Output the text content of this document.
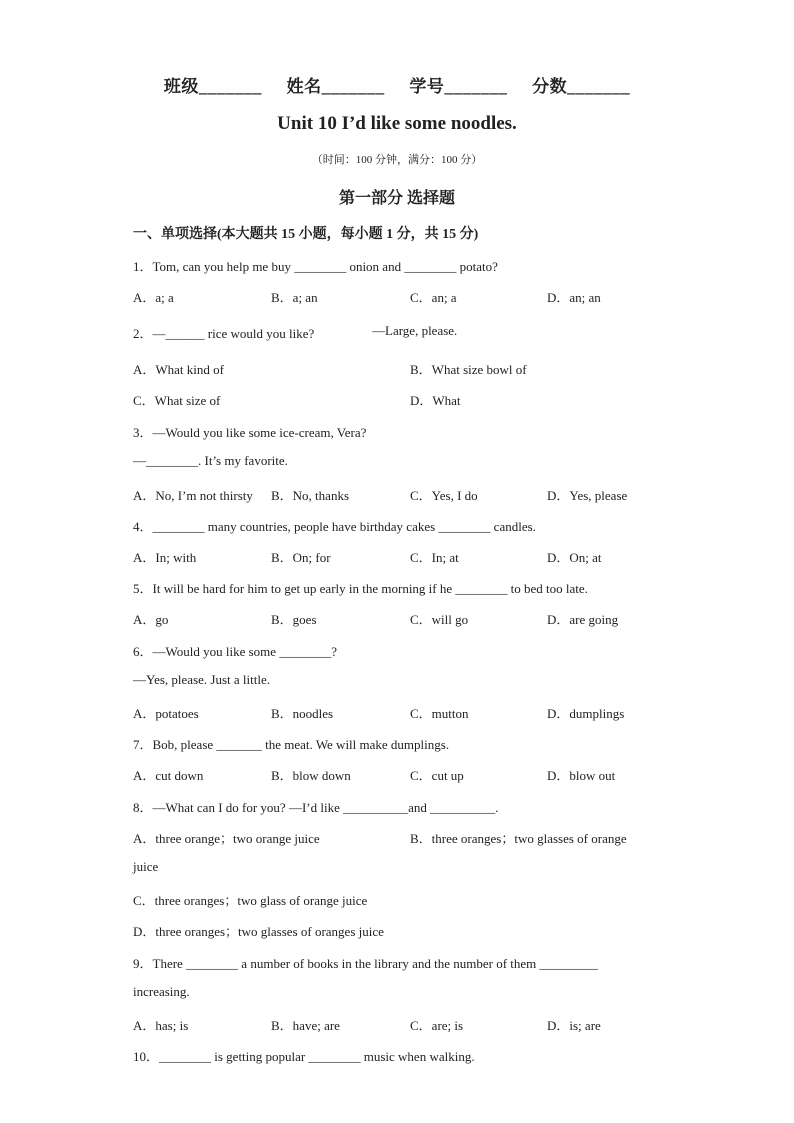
班级_______ 姓名_______ 学号_______ 分数_______
Unit 10 I’d like some noodles.
（时间：100 分钟，满分：100 分）
第一部分 选择题
一、单项选择(本大题共 15 小题，每小题 1 分，共 15 分)
1．Tom, can you help me buy ________ onion and ________ potato?
A．a; a	B．a; an	C．an; a	D．an; an
2．—______ rice would you like?	—Large, please.
A．What kind of	B．What size bowl of
C．What size of	D．What
3．—Would you like some ice-cream, Vera?
—________. It’s my favorite.
A．No, I’m not thirsty B．No, thanks	C．Yes, I do	D．Yes, please
4．________ many countries, people have birthday cakes ________ candles.
A．In; with	B．On; for	C．In; at	D．On; at
5．It will be hard for him to get up early in the morning if he ________ to bed too late.
A．go	B．goes	C．will go	D．are going
6．—Would you like some ________?
—Yes, please. Just a little.
A．potatoes	B．noodles	C．mutton	D．dumplings
7．Bob, please _______ the meat. We will make dumplings.
A．cut down	B．blow down	C．cut up	D．blow out
8．—What can I do for you? —I’d like __________and __________.
A．three orange；two orange juice	B．three oranges；two glasses of orange
juice
C．three oranges；two glass of orange juice
D．three oranges；two glasses of oranges juice
9．There ________ a number of books in the library and the number of them _________
increasing.
A．has; is	B．have; are	C．are; is	D．is; are
10．________ is getting popular ________ music when walking.
